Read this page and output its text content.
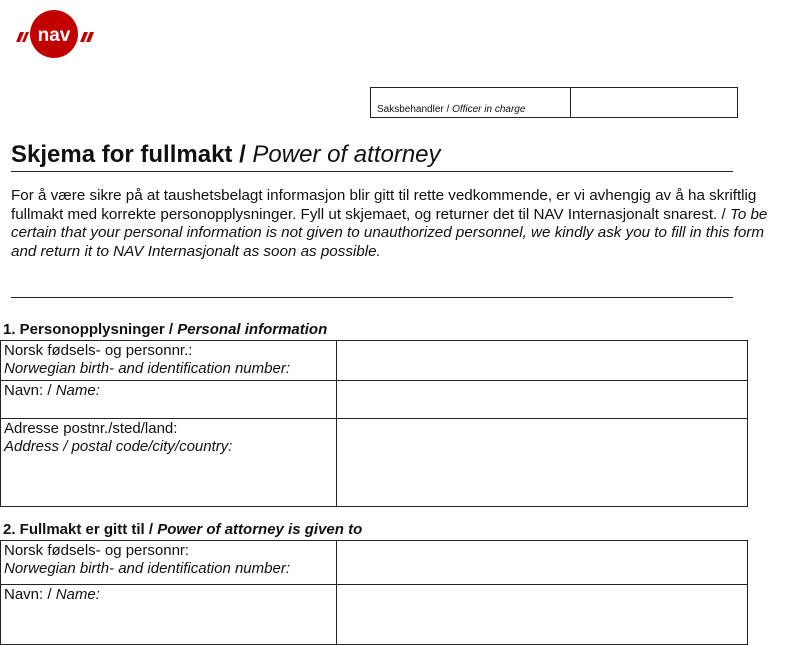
nav
Saksbehandler / Officer in charge
Skjema for fullmakt / Power of attorney

For å være sikre på at taushetsbelagt informasjon blir gitt til rette vedkommende, er vi avhengig av å ha skriftlig fullmakt med korrekte personopplysninger. Fyll ut skjemaet, og returner det til NAV Internasjonalt snarest. / To be certain that your personal information is not given to unauthorized personnel, we kindly ask you to fill in this form and return it to NAV Internasjonalt as soon as possible.

1. Personopplysninger / Personal information
Norsk fødsels- og personnr.:
Norwegian birth- and identification number:	

Navn: / Name:	

Adresse postnr./sted/land:
Address / postal code/city/country:	

2. Fullmakt er gitt til / Power of attorney is given to
Norsk fødsels- og personnr:
Norwegian birth- and identification number:	

Navn: / Name:	
